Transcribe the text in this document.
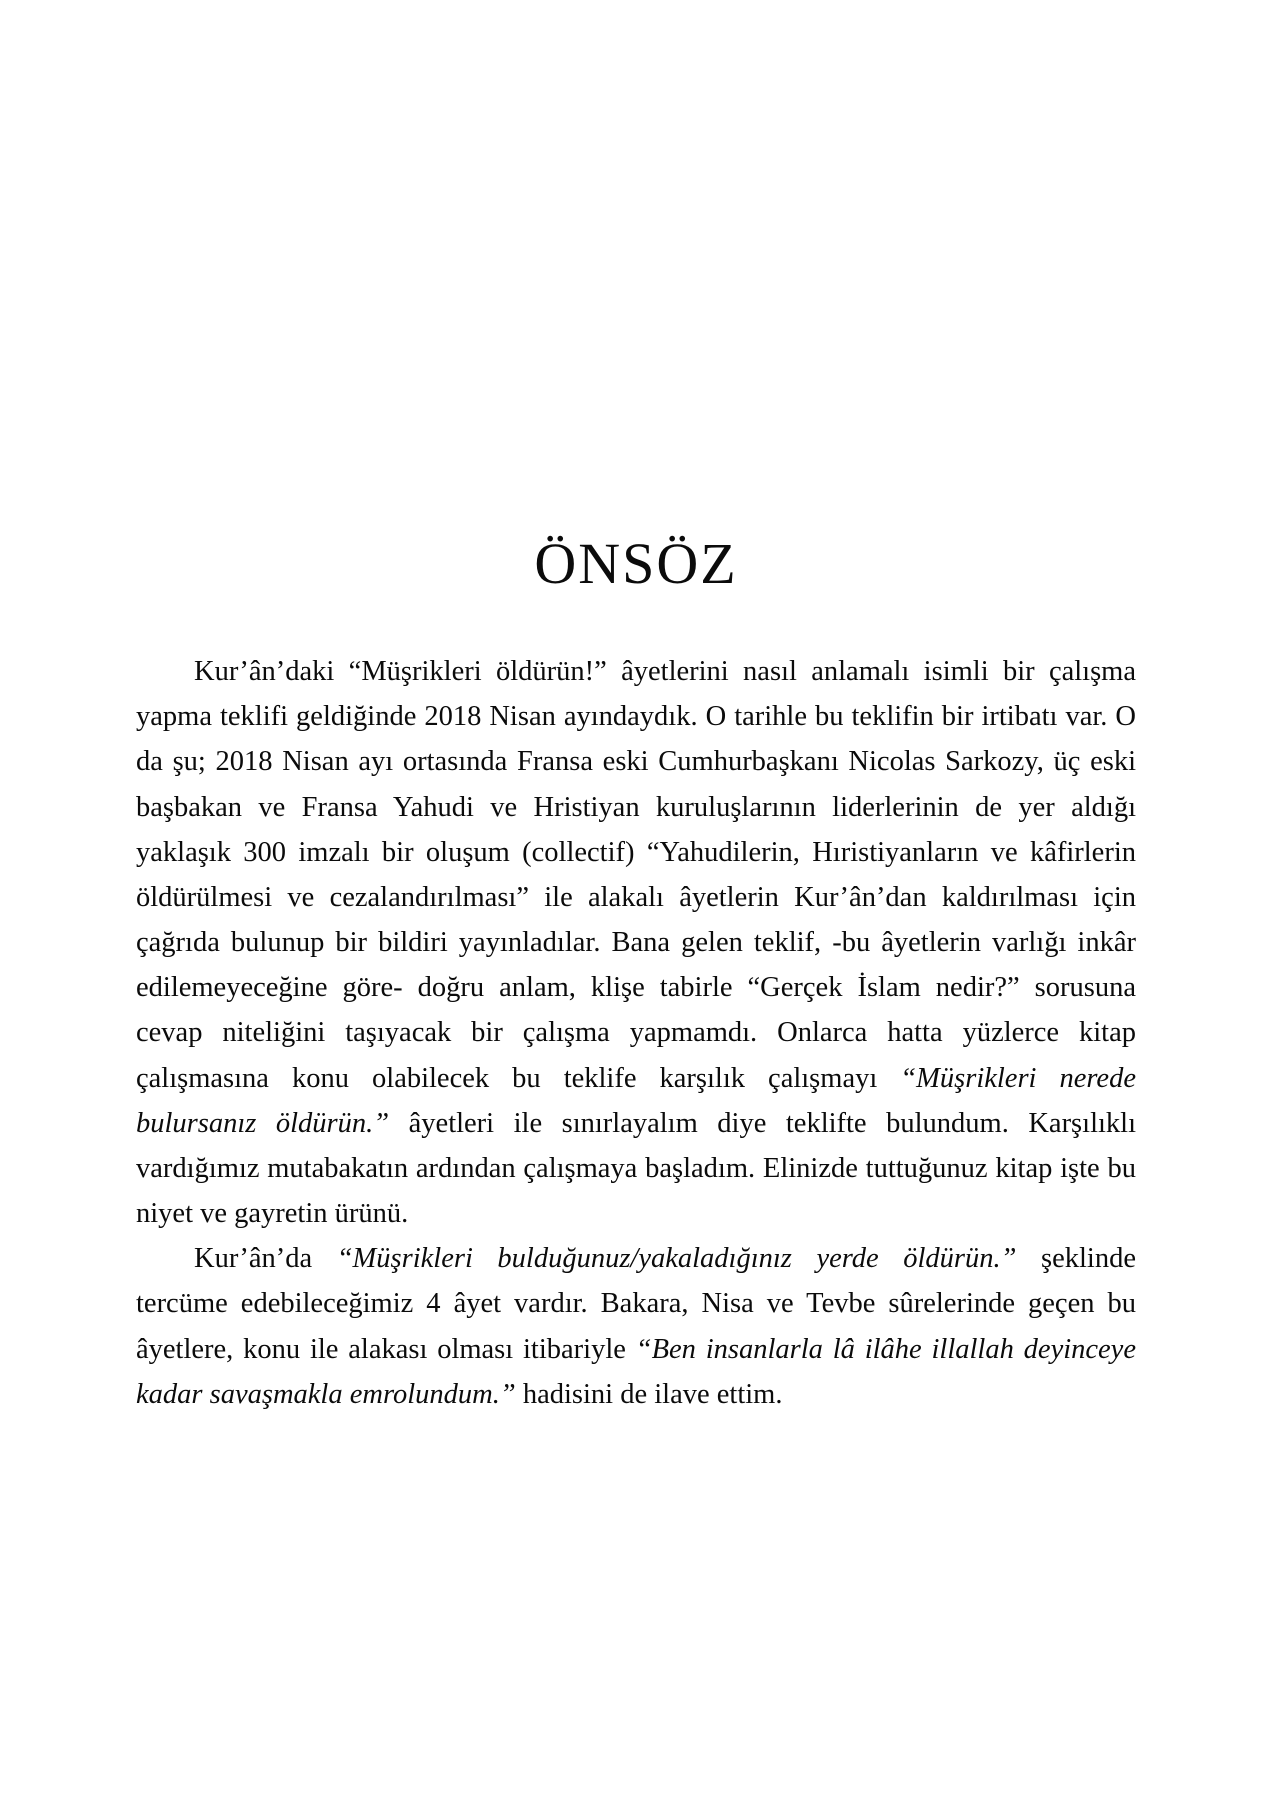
ÖNSÖZ

Kur’ân’daki “Müşrikleri öldürün!” âyetlerini nasıl anlamalı isimli bir çalışma yapma teklifi geldiğinde 2018 Nisan ayındaydık. O tarihle bu teklifin bir irtibatı var. O da şu; 2018 Nisan ayı ortasında Fransa eski Cumhurbaşkanı Nicolas Sarkozy, üç eski başbakan ve Fransa Yahudi ve Hristiyan kuruluşlarının liderlerinin de yer aldığı yaklaşık 300 imzalı bir oluşum (collectif) “Yahudilerin, Hıristiyanların ve kâfirlerin öldürülmesi ve cezalandırılması” ile alakalı âyetlerin Kur’ân’dan kaldırılması için çağrıda bulunup bir bildiri yayınladılar. Bana gelen teklif, -bu âyetlerin varlığı inkâr edilemeyeceğine göre- doğru anlam, klişe tabirle “Gerçek İslam nedir?” sorusuna cevap niteliğini taşıyacak bir çalışma yapmamdı. Onlarca hatta yüzlerce kitap çalışmasına konu olabilecek bu teklife karşılık çalışmayı “Müşrikleri nerede bulursanız öldürün.” âyetleri ile sınırlayalım diye teklifte bulundum. Karşılıklı vardığımız mutabakatın ardından çalışmaya başladım. Elinizde tuttuğunuz kitap işte bu niyet ve gayretin ürünü.

Kur’ân’da “Müşrikleri bulduğunuz/yakaladığınız yerde öldürün.” şeklinde tercüme edebileceğimiz 4 âyet vardır. Bakara, Nisa ve Tevbe sûrelerinde geçen bu âyetlere, konu ile alakası olması itibariyle “Ben insanlarla lâ ilâhe illallah deyinceye kadar savaşmakla emrolundum.” hadisini de ilave ettim.
